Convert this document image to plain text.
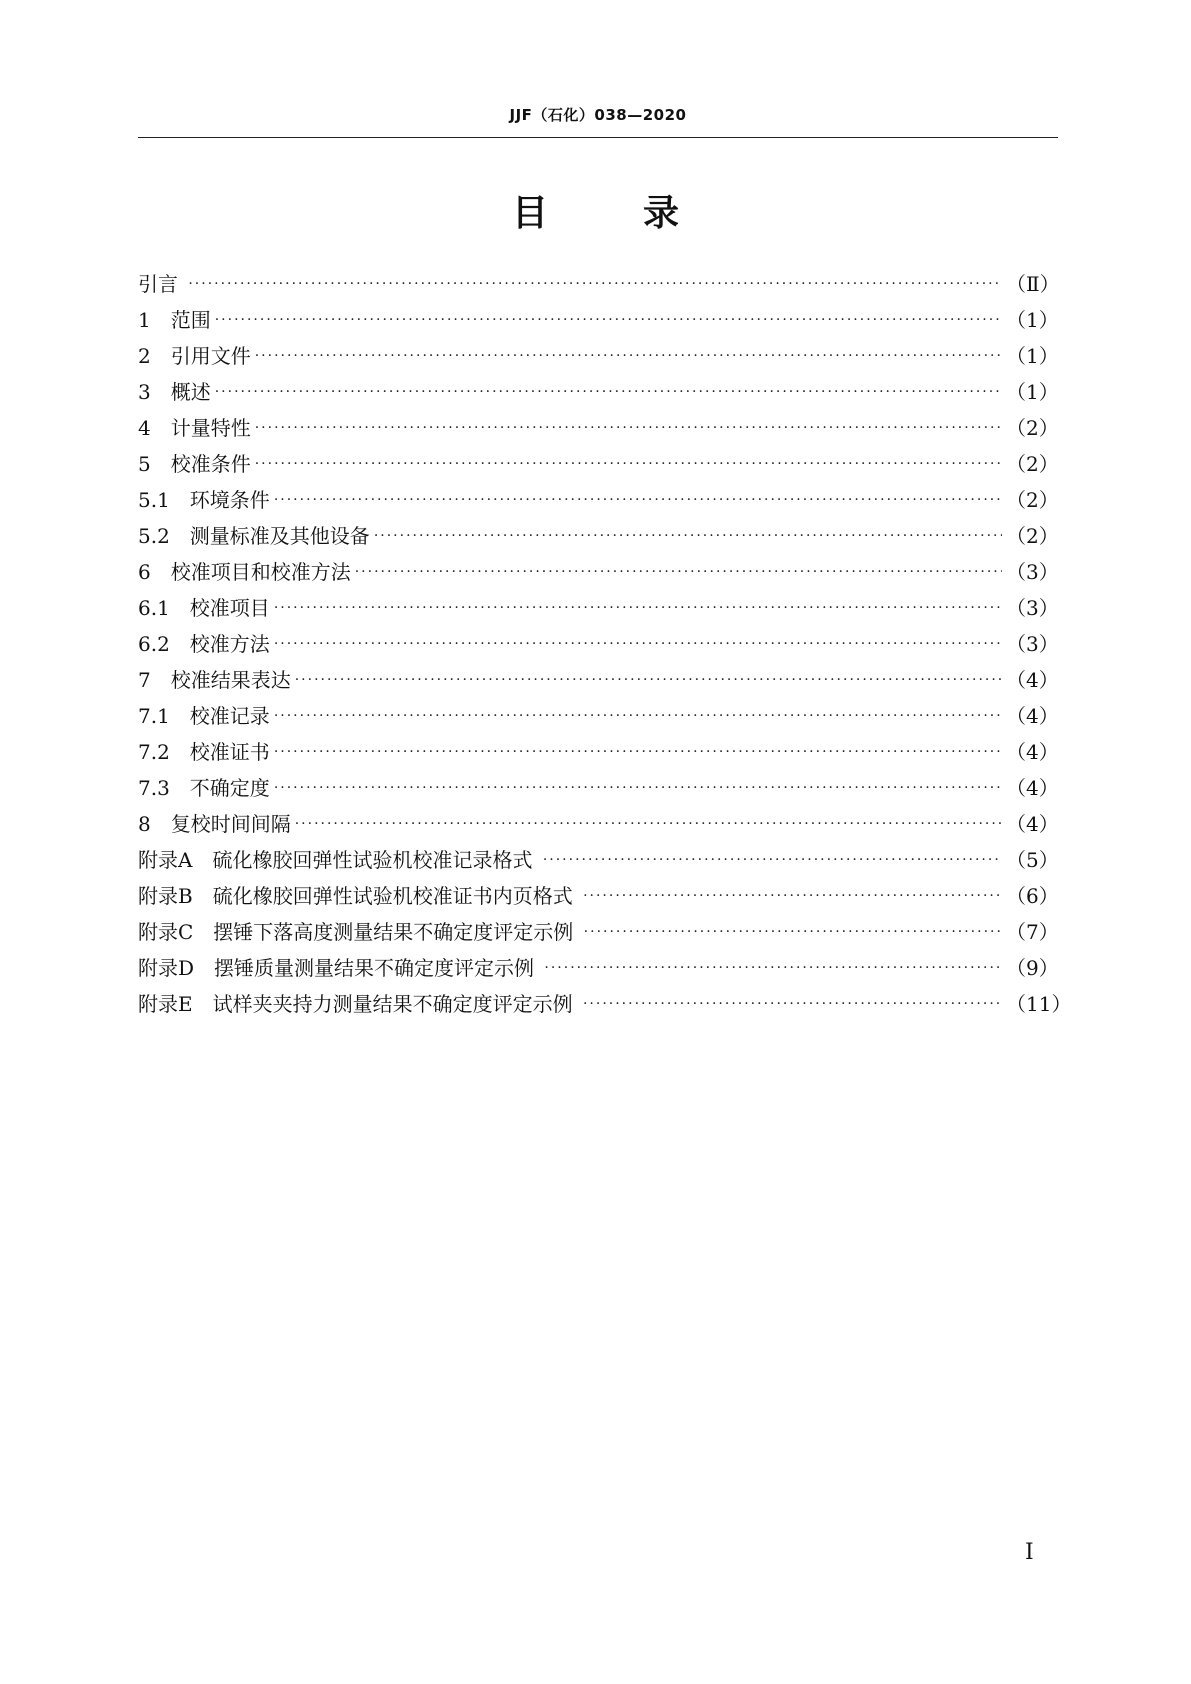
JJF（石化）038—2020
目	录
引言 ·····	（Ⅱ）
1　范围 ·····	（1）
2　引用文件 ·····	（1）
3　概述 ·····	（1）
4　计量特性 ·····	（2）
5　校准条件 ·····	（2）
5.1　环境条件 ·····	（2）
5.2　测量标准及其他设备 ·····	（2）
6　校准项目和校准方法 ·····	（3）
6.1　校准项目 ·····	（3）
6.2　校准方法 ·····	（3）
7　校准结果表达 ·····	（4）
7.1　校准记录 ·····	（4）
7.2　校准证书 ·····	（4）
7.3　不确定度 ·····	（4）
8　复校时间间隔 ·····	（4）
附录A　硫化橡胶回弹性试验机校准记录格式 ·····	（5）
附录B　硫化橡胶回弹性试验机校准证书内页格式 ·····	（6）
附录C　摆锤下落高度测量结果不确定度评定示例 ·····	（7）
附录D　摆锤质量测量结果不确定度评定示例 ·····	（9）
附录E　试样夹夹持力测量结果不确定度评定示例 ·····	（11）
Ⅰ
